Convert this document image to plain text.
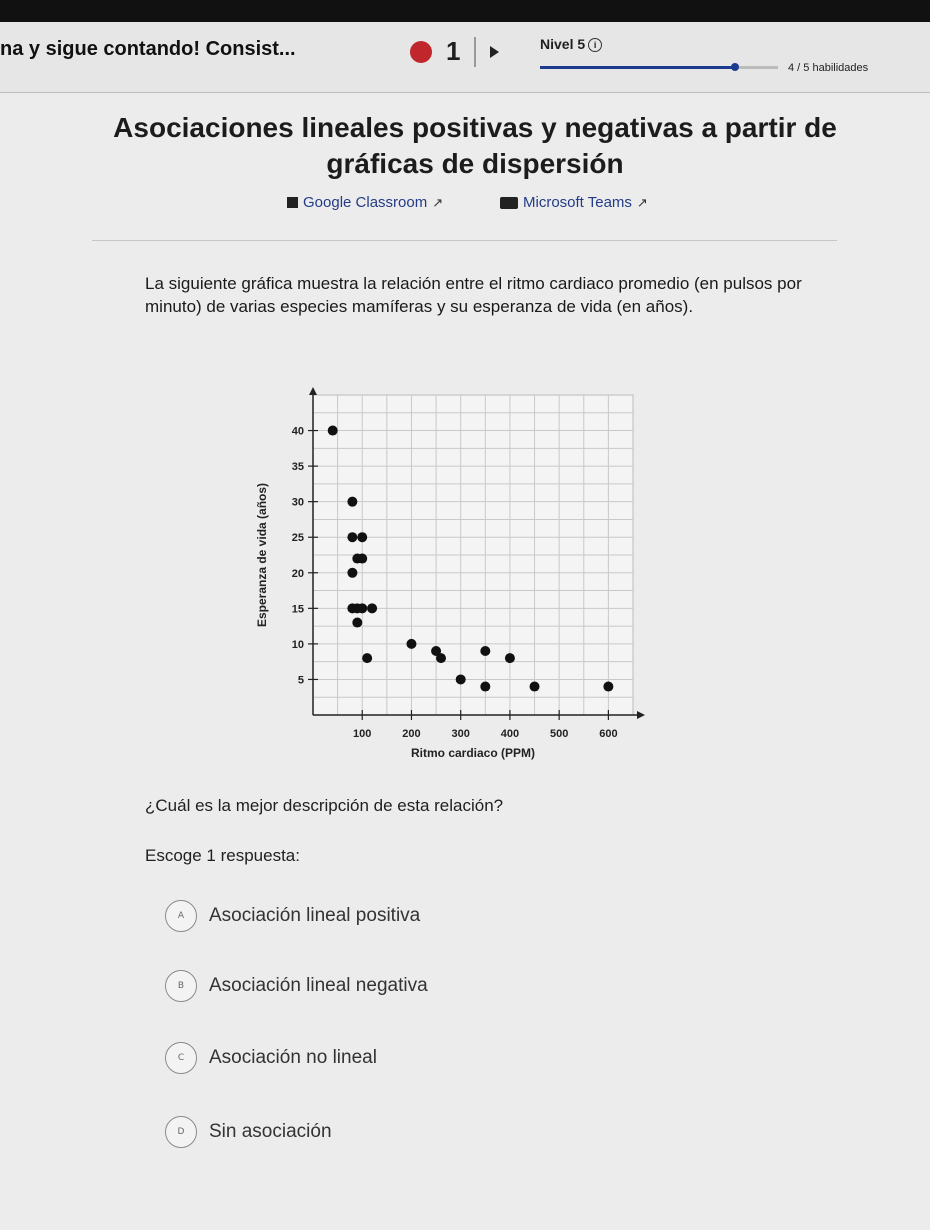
na y sigue contando! Consist...	1	Nivel 5 i
4 / 5 habilidades
Asociaciones lineales positivas y negativas a partir de gráficas de dispersión
Google Classroom ↗	Microsoft Teams ↗
La siguiente gráfica muestra la relación entre el ritmo cardiaco promedio (en pulsos por minuto) de varias especies mamíferas y su esperanza de vida (en años).
100	200	300	400	500	600
5
10
15
20
25
30
35
40
Ritmo cardiaco (PPM)
Esperanza de vida (años)
¿Cuál es la mejor descripción de esta relación?
Escoge 1 respuesta:
A	Asociación lineal positiva
B	Asociación lineal negativa
C	Asociación no lineal
D	Sin asociación
